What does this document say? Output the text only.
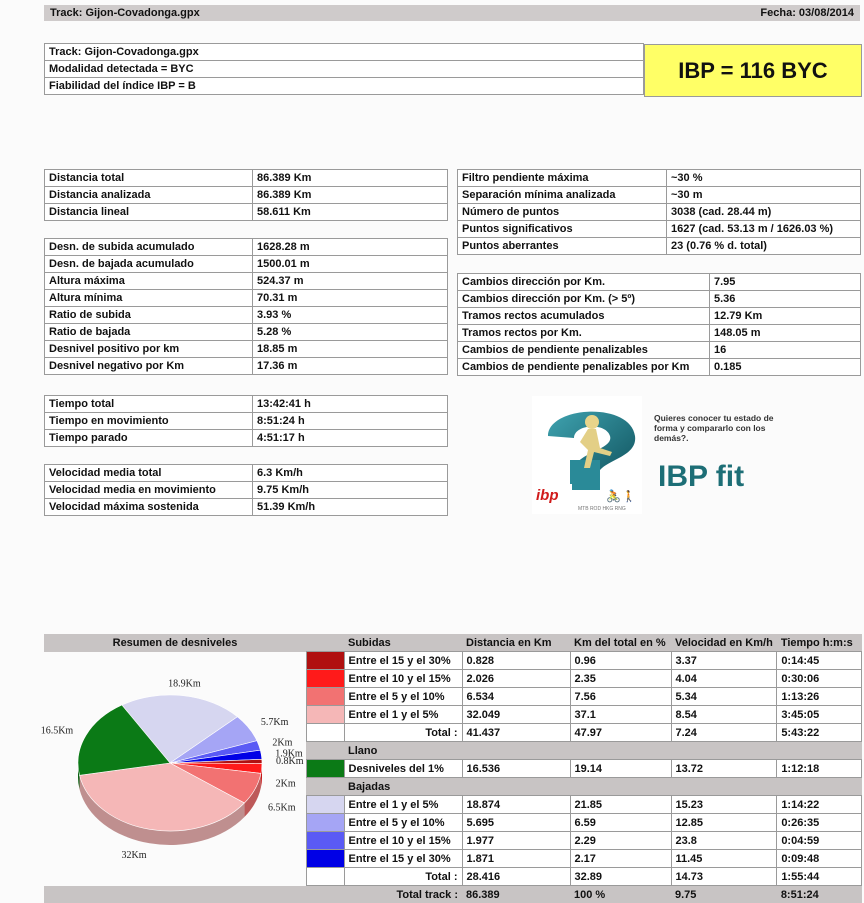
Track: Gijon-Covadonga.gpx	Fecha: 03/08/2014
Track: Gijon-Covadonga.gpx
Modalidad detectada = BYC
Fiabilidad del índice IBP = B
IBP = 116 BYC
Distancia total	86.389 Km
Distancia analizada	86.389 Km
Distancia lineal	58.611 Km
Desn. de subida acumulado	1628.28 m
Desn. de bajada acumulado	1500.01 m
Altura máxima	524.37 m
Altura mínima	70.31 m
Ratio de subida	3.93 %
Ratio de bajada	5.28 %
Desnivel positivo por km	18.85 m
Desnivel negativo por Km	17.36 m
Tiempo total	13:42:41 h
Tiempo en movimiento	8:51:24 h
Tiempo parado	4:51:17 h
Velocidad media total	6.3 Km/h
Velocidad media en movimiento	9.75 Km/h
Velocidad máxima sostenida	51.39 Km/h
Filtro pendiente máxima	~30 %
Separación mínima analizada	~30 m
Número de puntos	3038 (cad. 28.44 m)
Puntos significativos	1627 (cad. 53.13 m / 1626.03 %)
Puntos aberrantes	23 (0.76 % d. total)
Cambios dirección por Km.	7.95
Cambios dirección por Km. (> 5º)	5.36
Tramos rectos acumulados	12.79 Km
Tramos rectos por Km.	148.05 m
Cambios de pendiente penalizables	16
Cambios de pendiente penalizables por Km	0.185
ibp
MTB ROD HKG RNG
🚴 🚶
Quieres conocer tu estado de forma y compararlo con los demás?.
IBP fit
18.9Km
5.7Km
2Km
1.9Km
0.8Km
2Km
6.5Km
32Km
16.5Km
Resumen de desniveles		Subidas	Distancia en Km	Km del total en %	Velocidad en Km/h	Tiempo h:m:s
		Entre el 15 y el 30%	0.828	0.96	3.37	0:14:45
		Entre el 10 y el 15%	2.026	2.35	4.04	0:30:06
		Entre el 5 y el 10%	6.534	7.56	5.34	1:13:26
		Entre el 1 y el 5%	32.049	37.1	8.54	3:45:05
		Total :	41.437	47.97	7.24	5:43:22
		Llano				
		Desniveles del 1%	16.536	19.14	13.72	1:12:18
		Bajadas				
		Entre el 1 y el 5%	18.874	21.85	15.23	1:14:22
		Entre el 5 y el 10%	5.695	6.59	12.85	0:26:35
		Entre el 10 y el 15%	1.977	2.29	23.8	0:04:59
		Entre el 15 y el 30%	1.871	2.17	11.45	0:09:48
		Total :	28.416	32.89	14.73	1:55:44
		Total track :	86.389	100 %	9.75	8:51:24
